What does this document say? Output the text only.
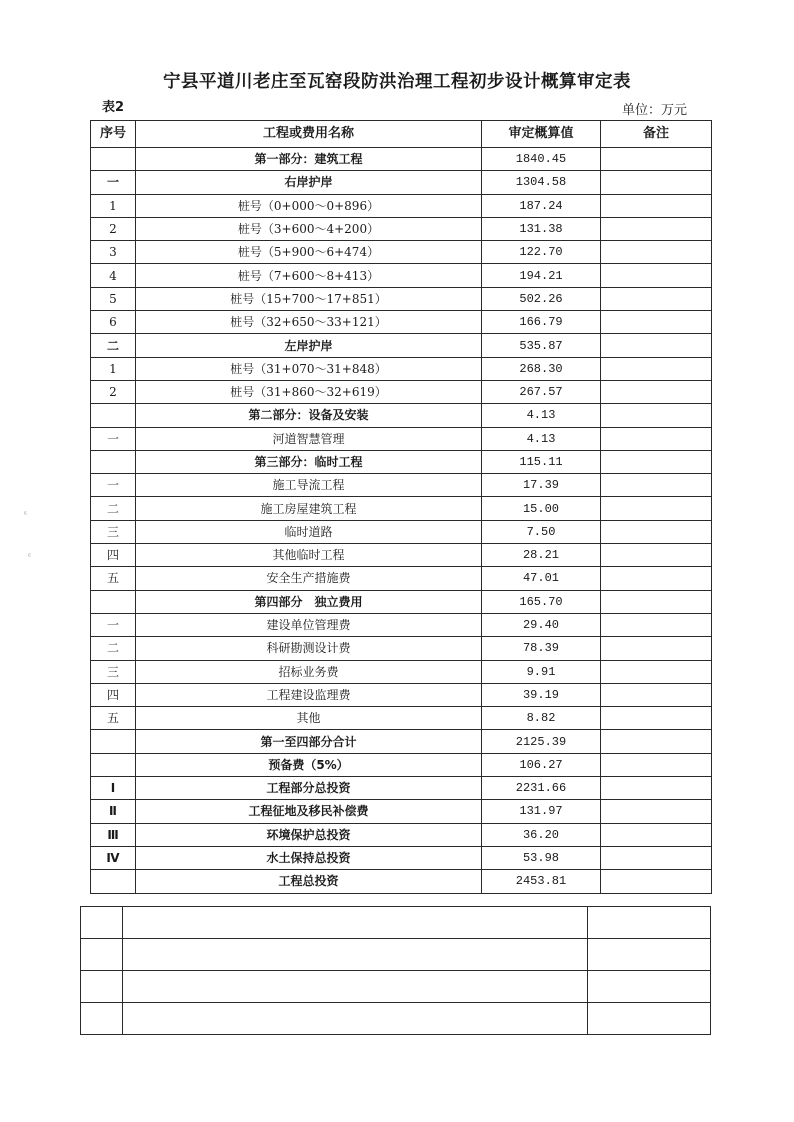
宁县平道川老庄至瓦窑段防洪治理工程初步设计概算审定表
表2	单位：万元
序号	工程或费用名称	审定概算值	备注
	第一部分：建筑工程	1840.45	
一	右岸护岸	1304.58	
1	桩号（0+000～0+896）	187.24	
2	桩号（3+600～4+200）	131.38	
3	桩号（5+900～6+474）	122.70	
4	桩号（7+600～8+413）	194.21	
5	桩号（15+700～17+851）	502.26	
6	桩号（32+650～33+121）	166.79	
二	左岸护岸	535.87	
1	桩号（31+070～31+848）	268.30	
2	桩号（31+860～32+619）	267.57	
	第二部分：设备及安装	4.13	
一	河道智慧管理	4.13	
	第三部分：临时工程	115.11	
一	施工导流工程	17.39	
二	施工房屋建筑工程	15.00	
三	临时道路	7.50	
四	其他临时工程	28.21	
五	安全生产措施费	47.01	
	第四部分　独立费用	165.70	
一	建设单位管理费	29.40	
二	科研勘测设计费	78.39	
三	招标业务费	9.91	
四	工程建设监理费	39.19	
五	其他	8.82	
	第一至四部分合计	2125.39	
	预备费（5%）	106.27	
Ⅰ	工程部分总投资	2231.66	
Ⅱ	工程征地及移民补偿费	131.97	
Ⅲ	环境保护总投资	36.20	
Ⅳ	水土保持总投资	53.98	
	工程总投资	2453.81	

ᵋ
ᵋ
